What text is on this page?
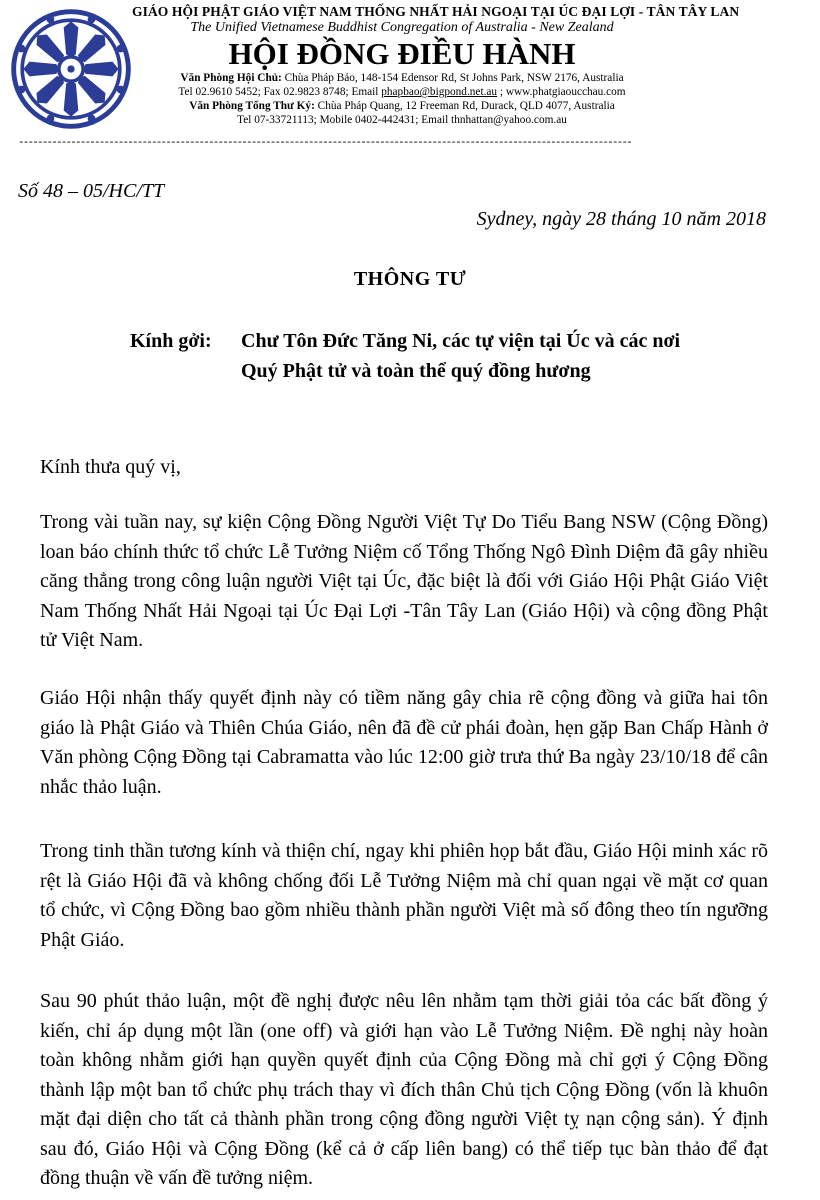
GIÁO HỘI PHẬT GIÁO VIỆT NAM THỐNG NHẤT HẢI NGOẠI TẠI ÚC ĐẠI LỢI - TÂN TÂY LAN
The Unified Vietnamese Buddhist Congregation of Australia - New Zealand
HỘI ĐỒNG ĐIỀU HÀNH
Văn Phòng Hội Chủ: Chùa Pháp Bảo, 148-154 Edensor Rd, St Johns Park, NSW 2176, Australia
Tel 02.9610 5452; Fax 02.9823 8748; Email phapbao@bigpond.net.au ; www.phatgiaoucchau.com
Văn Phòng Tổng Thư Ký: Chùa Pháp Quang, 12 Freeman Rd, Durack, QLD 4077, Australia
Tel 07-33721113; Mobile 0402-442431; Email thnhattan@yahoo.com.au
---------------------------------------------------------------------------------------------------------------------------------
Số 48 – 05/HC/TT
Sydney, ngày 28 tháng 10 năm 2018
THÔNG TƯ
Kính gởi: Chư Tôn Đức Tăng Ni, các tự viện tại Úc và các nơi
Quý Phật tử và toàn thể quý đồng hương
Kính thưa quý vị,

Trong vài tuần nay, sự kiện Cộng Đồng Người Việt Tự Do Tiểu Bang NSW (Cộng Đồng) loan báo chính thức tổ chức Lễ Tưởng Niệm cố Tổng Thống Ngô Đình Diệm đã gây nhiều căng thẳng trong công luận người Việt tại Úc, đặc biệt là đối với Giáo Hội Phật Giáo Việt Nam Thống Nhất Hải Ngoại tại Úc Đại Lợi -Tân Tây Lan (Giáo Hội) và cộng đồng Phật tử Việt Nam.

Giáo Hội nhận thấy quyết định này có tiềm năng gây chia rẽ cộng đồng và giữa hai tôn giáo là Phật Giáo và Thiên Chúa Giáo, nên đã đề cử phái đoàn, hẹn gặp Ban Chấp Hành ở Văn phòng Cộng Đồng tại Cabramatta vào lúc 12:00 giờ trưa thứ Ba ngày 23/10/18 để cân nhắc thảo luận.

Trong tinh thần tương kính và thiện chí, ngay khi phiên họp bắt đầu, Giáo Hội minh xác rõ rệt là Giáo Hội đã và không chống đối Lễ Tưởng Niệm mà chỉ quan ngại về mặt cơ quan tổ chức, vì Cộng Đồng bao gồm nhiều thành phần người Việt mà số đông theo tín ngưỡng Phật Giáo.

Sau 90 phút thảo luận, một đề nghị được nêu lên nhằm tạm thời giải tỏa các bất đồng ý kiến, chỉ áp dụng một lần (one off) và giới hạn vào Lễ Tưởng Niệm. Đề nghị này hoàn toàn không nhằm giới hạn quyền quyết định của Cộng Đồng mà chỉ gợi ý Cộng Đồng thành lập một ban tổ chức phụ trách thay vì đích thân Chủ tịch Cộng Đồng (vốn là khuôn mặt đại diện cho tất cả thành phần trong cộng đồng người Việt tỵ nạn cộng sản). Ý định sau đó, Giáo Hội và Cộng Đồng (kể cả ở cấp liên bang) có thể tiếp tục bàn thảo để đạt đồng thuận về vấn đề tưởng niệm.
